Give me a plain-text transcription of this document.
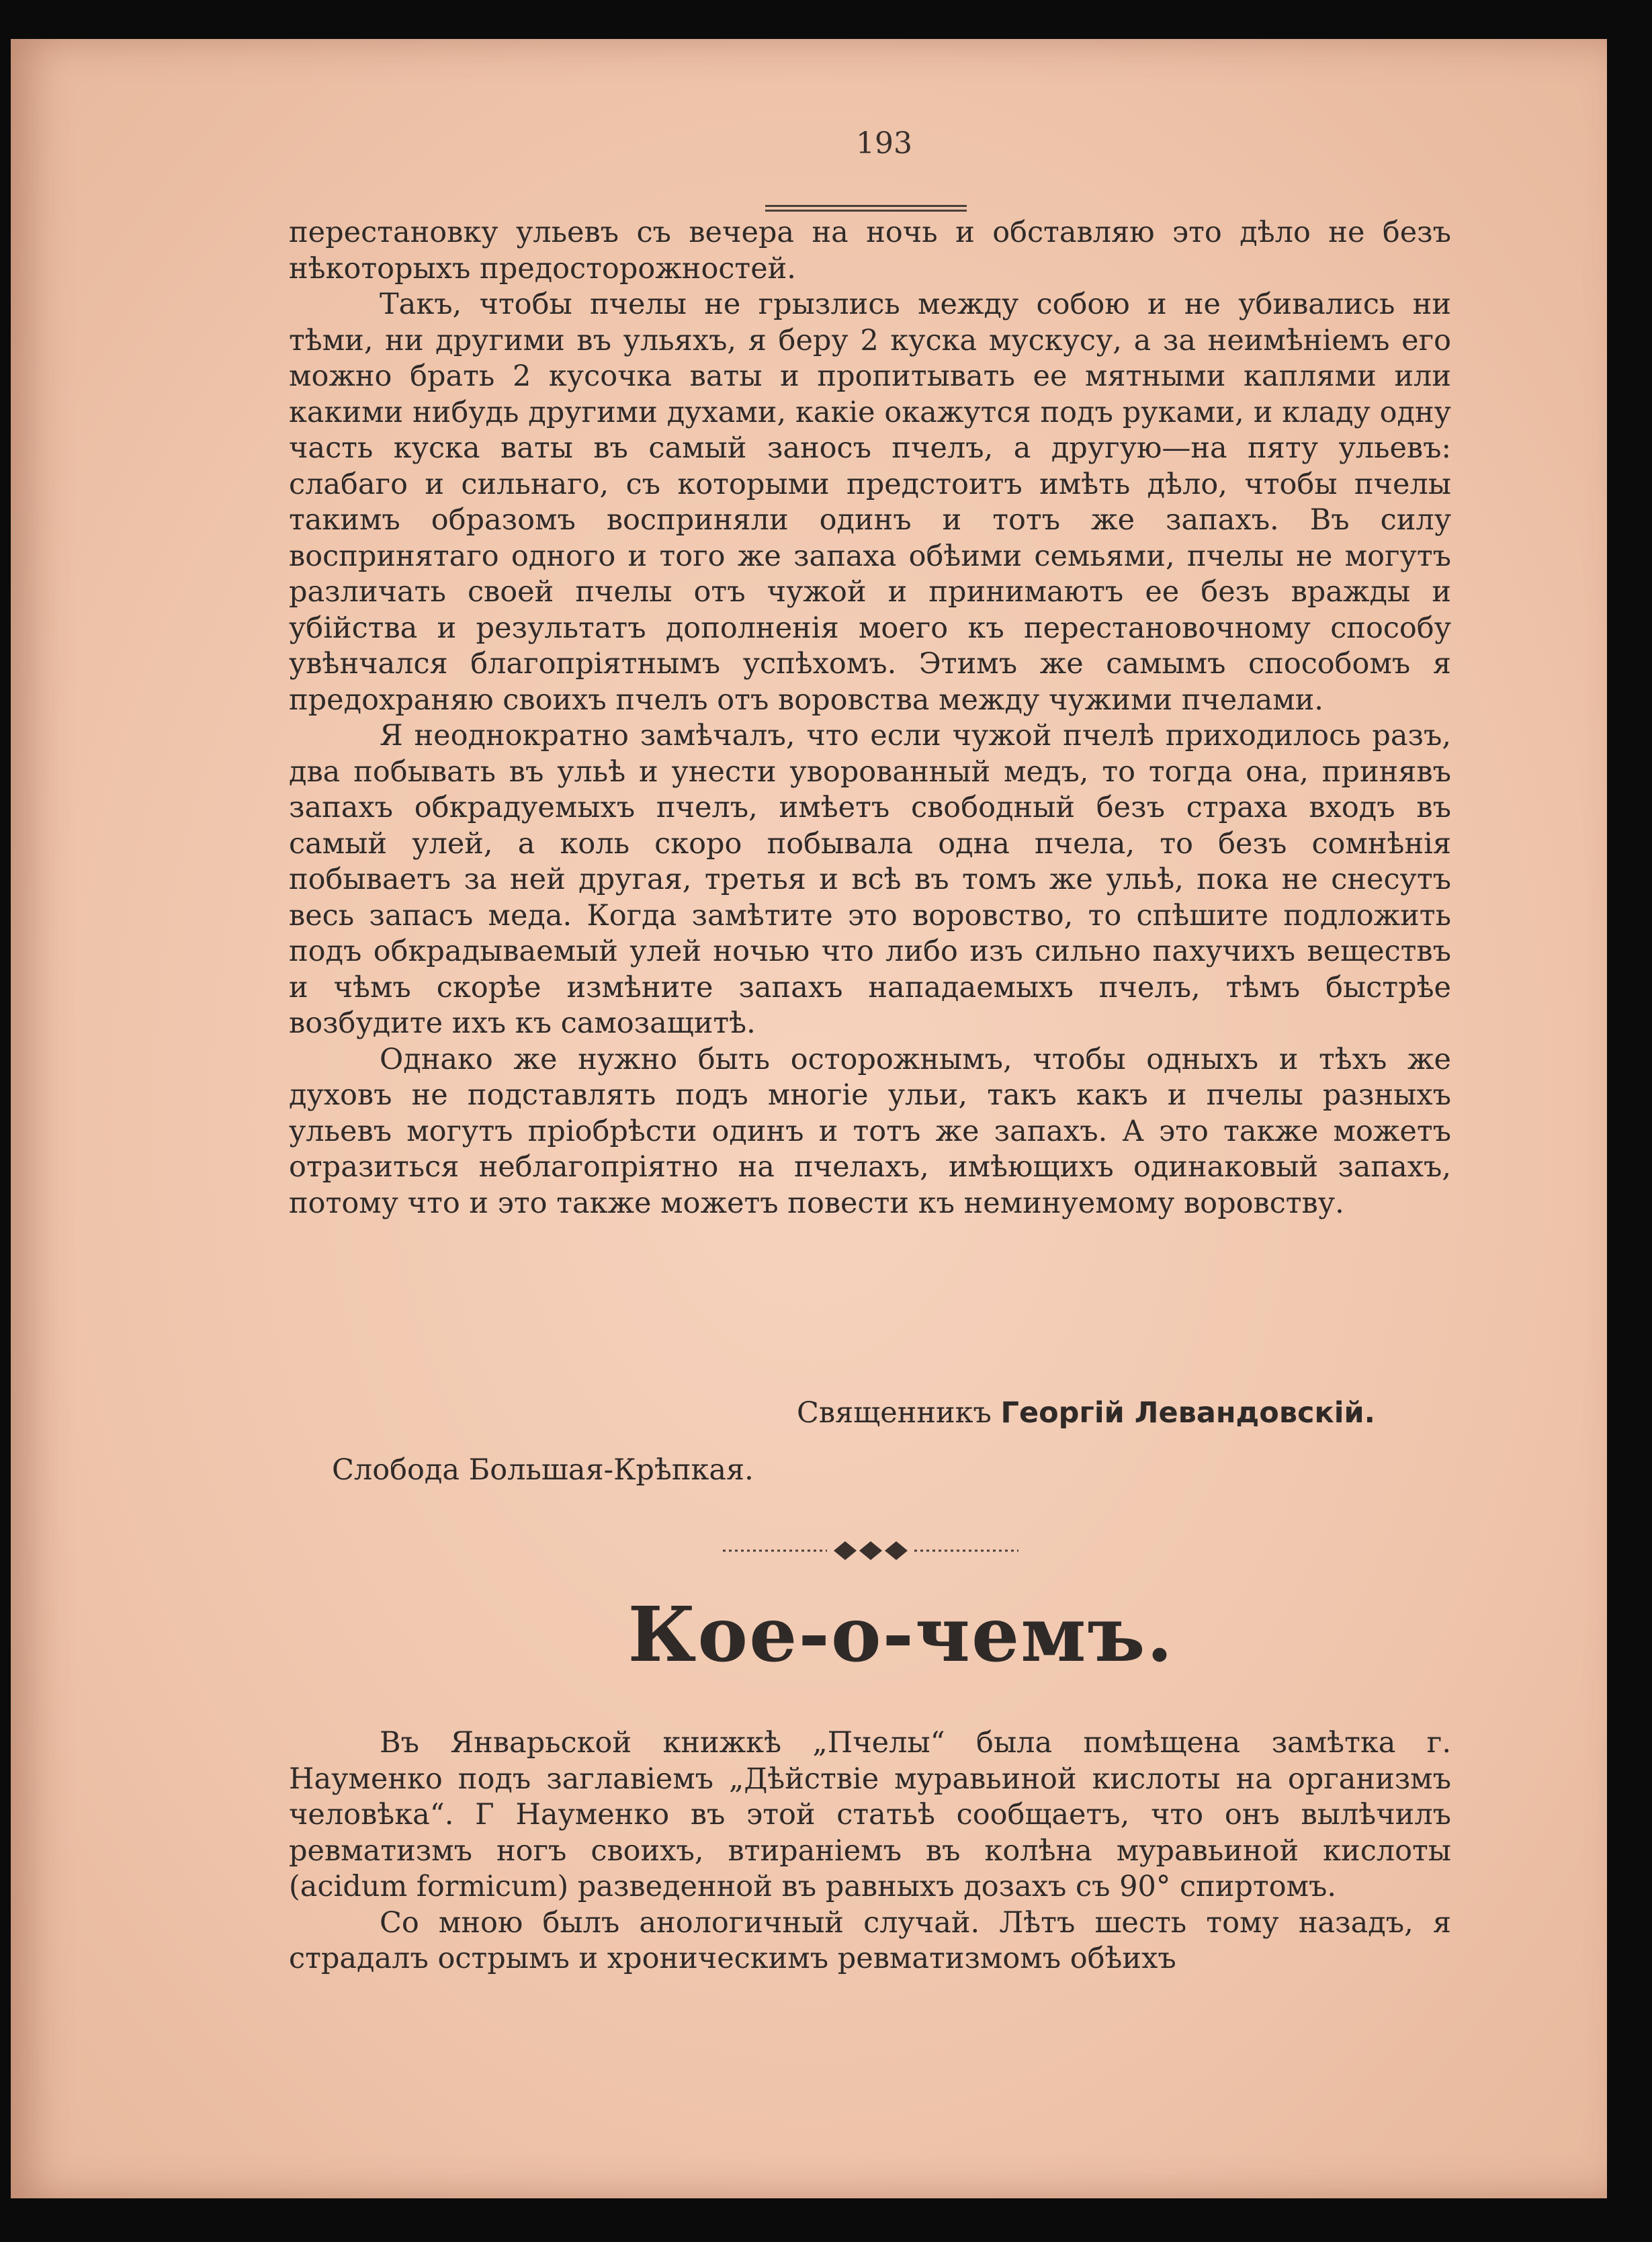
193

перестановку ульевъ съ вечера на ночь и обставляю это дѣло не безъ нѣкоторыхъ предосторожностей.

Такъ, чтобы пчелы не грызлись между собою и не убивались ни тѣми, ни другими въ ульяхъ, я беру 2 куска мускусу, а за неимѣніемъ его можно брать 2 кусочка ваты и пропитывать ее мятными каплями или какими нибудь другими духами, какіе окажутся подъ руками, и кладу одну часть куска ваты въ самый заносъ пчелъ, а другую—на пяту ульевъ: слабаго и сильнаго, съ которыми предстоитъ имѣть дѣло, чтобы пчелы такимъ образомъ восприняли одинъ и тотъ же запахъ. Въ силу воспринятаго одного и того же запаха обѣими семьями, пчелы не могутъ различать своей пчелы отъ чужой и принимаютъ ее безъ вражды и убійства и результатъ дополненія моего къ перестановочному способу увѣнчался благопріятнымъ успѣхомъ. Этимъ же самымъ способомъ я предохраняю своихъ пчелъ отъ воровства между чужими пчелами.

Я неоднократно замѣчалъ, что если чужой пчелѣ приходилось разъ, два побывать въ ульѣ и унести уворованный медъ, то тогда она, принявъ запахъ обкрадуемыхъ пчелъ, имѣетъ свободный безъ страха входъ въ самый улей, а коль скоро побывала одна пчела, то безъ сомнѣнія побываетъ за ней другая, третья и всѣ въ томъ же ульѣ, пока не снесутъ весь запасъ меда. Когда замѣтите это воровство, то спѣшите подложить подъ обкрадываемый улей ночью что либо изъ сильно пахучихъ веществъ и чѣмъ скорѣе измѣните запахъ нападаемыхъ пчелъ, тѣмъ быстрѣе возбудите ихъ къ самозащитѣ.

Однако же нужно быть осторожнымъ, чтобы одныхъ и тѣхъ же духовъ не подставлять подъ многіе ульи, такъ какъ и пчелы разныхъ ульевъ могутъ пріобрѣсти одинъ и тотъ же запахъ. А это также можетъ отразиться неблагопріятно на пчелахъ, имѣющихъ одинаковый запахъ, потому что и это также можетъ повести къ неминуемому воровству.

Священникъ Георгій Левандовскій.
Слобода Большая-Крѣпкая.
Кое-о-чемъ.

Въ Январьской книжкѣ „Пчелы“ была помѣщена замѣтка г. Науменко подъ заглавіемъ „Дѣйствіе муравьиной кислоты на организмъ человѣка“. Г Науменко въ этой статьѣ сообщаетъ, что онъ вылѣчилъ ревматизмъ ногъ своихъ, втираніемъ въ колѣна муравьиной кислоты (acidum formicum) разведенной въ равныхъ дозахъ съ 90° спиртомъ.

Со мною былъ анологичный случай. Лѣтъ шесть тому назадъ, я страдалъ острымъ и хроническимъ ревматизмомъ обѣихъ
